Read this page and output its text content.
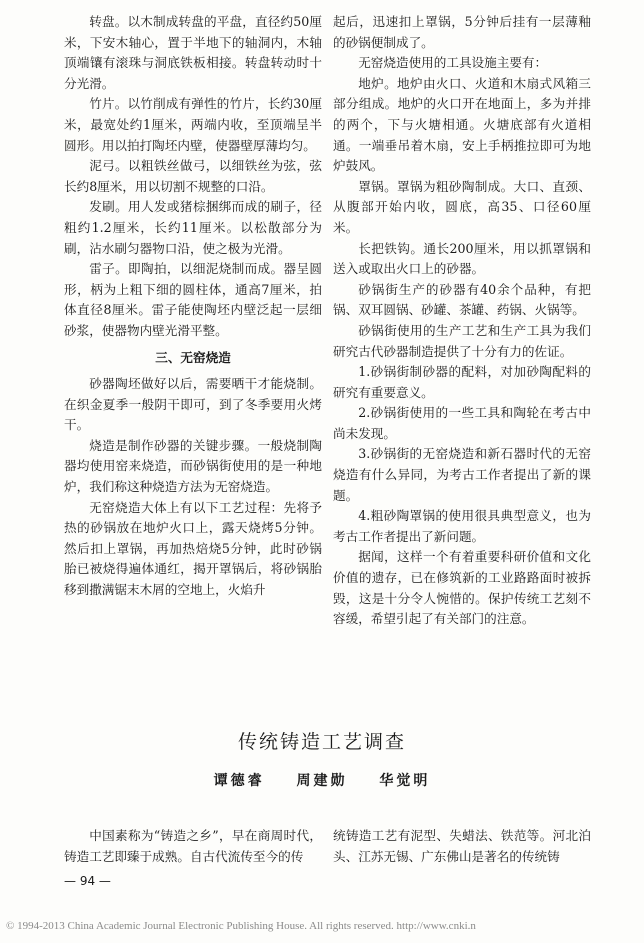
转盘。以木制成转盘的平盘，直径约50厘米，下安木轴心，置于半地下的轴洞内，木轴顶端镶有滚珠与洞底铁板相接。转盘转动时十分光滑。

竹片。以竹削成有弹性的竹片，长约30厘米，最宽处约1厘米，两端内收，至顶端呈半圆形。用以拍打陶坯内壁，使器壁厚薄均匀。

泥弓。以粗铁丝做弓，以细铁丝为弦，弦长约8厘米，用以切割不规整的口沿。

发刷。用人发或猪棕捆绑而成的刷子，径粗约1.2厘米，长约11厘米。以松散部分为刷，沾水刷匀器物口沿，使之极为光滑。

雷子。即陶拍，以细泥烧制而成。器呈圆形，柄为上粗下细的圆柱体，通高7厘米，拍体直径8厘米。雷子能使陶坯内壁泛起一层细砂浆，使器物内壁光滑平整。

三、无窑烧造

砂器陶坯做好以后，需要晒干才能烧制。在织金夏季一般阴干即可，到了冬季要用火烤干。

烧造是制作砂器的关键步骤。一般烧制陶器均使用窑来烧造，而砂锅街使用的是一种地炉，我们称这种烧造方法为无窑烧造。

无窑烧造大体上有以下工艺过程：先将予热的砂锅放在地炉火口上，露天烧烤5分钟。然后扣上罩锅，再加热焙烧5分钟，此时砂锅胎已被烧得遍体通红，揭开罩锅后，将砂锅胎移到撒满锯末木屑的空地上，火焰升

起后，迅速扣上罩锅，5分钟后挂有一层薄釉的砂锅便制成了。

无窑烧造使用的工具设施主要有：

地炉。地炉由火口、火道和木扇式风箱三部分组成。地炉的火口开在地面上，多为并排的两个，下与火塘相通。火塘底部有火道相通。一端垂吊着木扇，安上手柄推拉即可为地炉鼓风。

罩锅。罩锅为粗砂陶制成。大口、直颈、从腹部开始内收，圆底，高35、口径60厘米。

长把铁钩。通长200厘米，用以抓罩锅和送入或取出火口上的砂器。

砂锅街生产的砂器有40余个品种，有把锅、双耳圆锅、砂罐、茶罐、药锅、火锅等。

砂锅街使用的生产工艺和生产工具为我们研究古代砂器制造提供了十分有力的佐证。

1.砂锅街制砂器的配料，对加砂陶配料的研究有重要意义。

2.砂锅街使用的一些工具和陶轮在考古中尚未发现。

3.砂锅街的无窑烧造和新石器时代的无窑烧造有什么异同，为考古工作者提出了新的课题。

4.粗砂陶罩锅的使用很具典型意义，也为考古工作者提出了新问题。

据闻，这样一个有着重要科研价值和文化价值的遗存，已在修筑新的工业路路面时被拆毁，这是十分令人惋惜的。保护传统工艺刻不容缓，希望引起了有关部门的注意。

传统铸造工艺调查
谭德睿 周建勋 华觉明

中国素称为“铸造之乡”，早在商周时代，铸造工艺即臻于成熟。自古代流传至今的传

统铸造工艺有泥型、失蜡法、铁范等。河北泊头、江苏无锡、广东佛山是著名的传统铸

— 94 —
© 1994-2013 China Academic Journal Electronic Publishing House. All rights reserved. http://www.cnki.n
